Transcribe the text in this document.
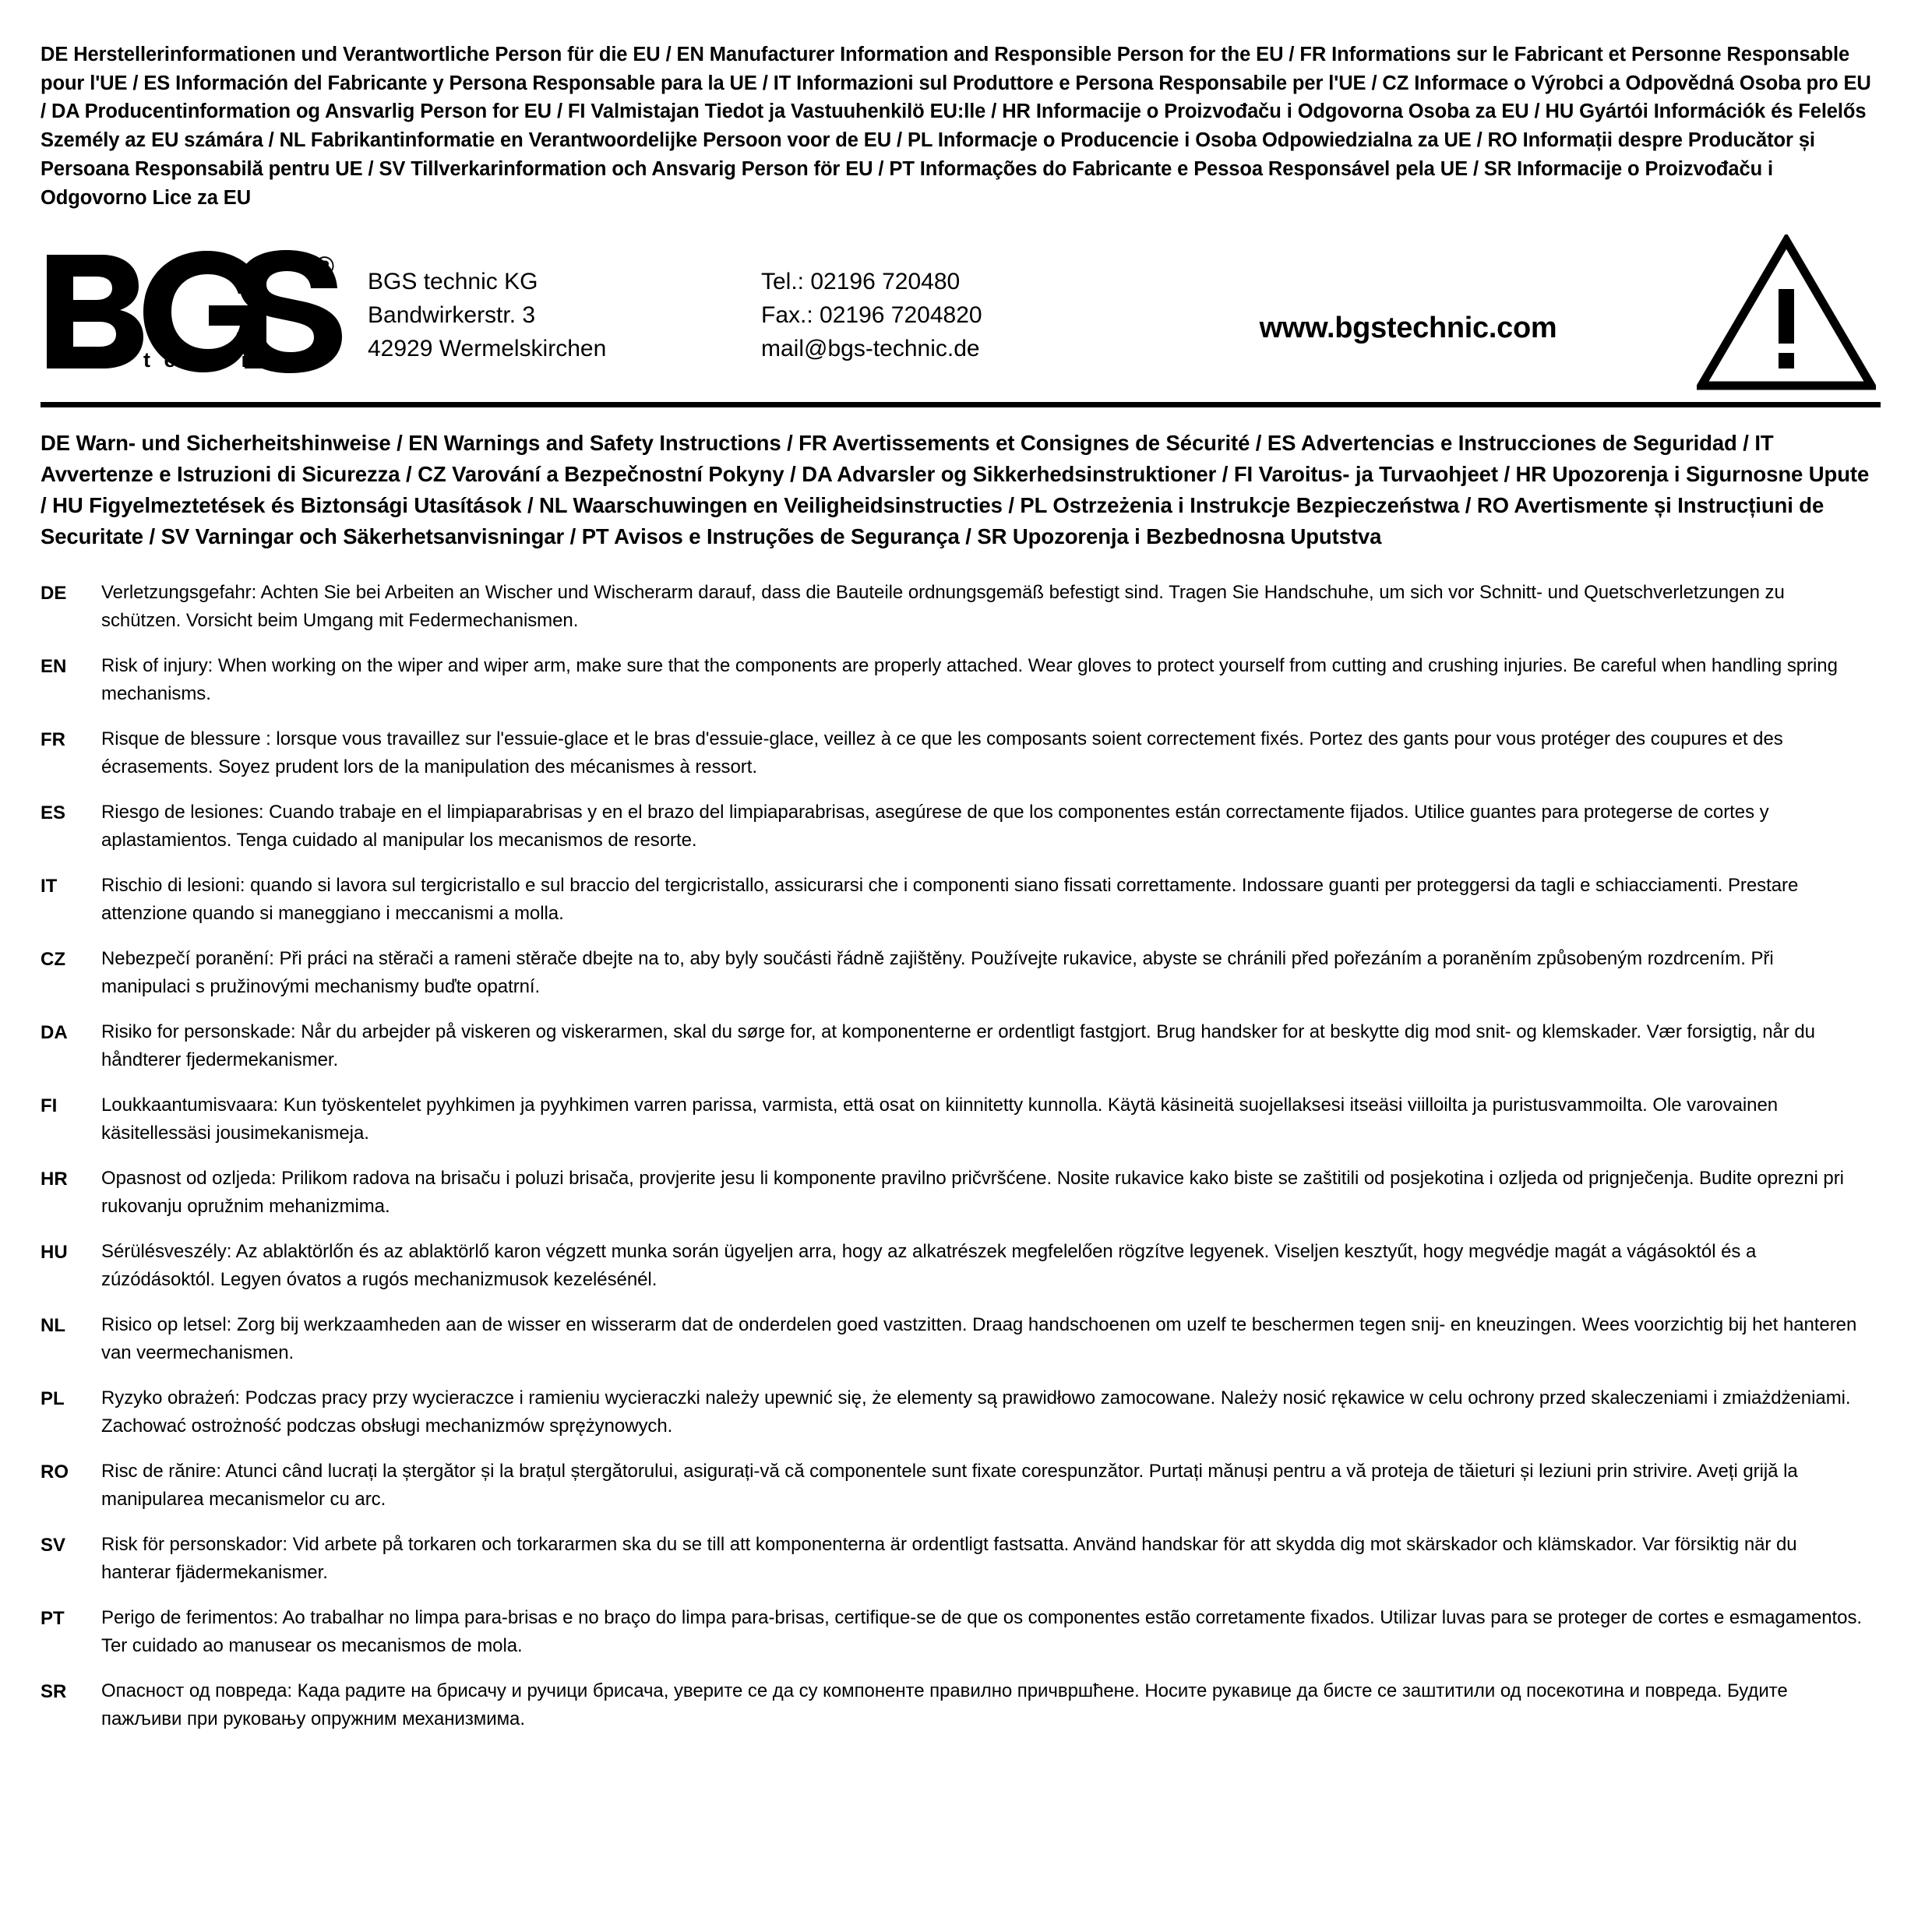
DE Herstellerinformationen und Verantwortliche Person für die EU / EN Manufacturer Information and Responsible Person for the EU / FR Informations sur le Fabricant et Personne Responsable pour l'UE / ES Información del Fabricante y Persona Responsable para la UE / IT Informazioni sul Produttore e Persona Responsabile per l'UE / CZ Informace o Výrobci a Odpovědná Osoba pro EU / DA Producentinformation og Ansvarlig Person for EU / FI Valmistajan Tiedot ja Vastuuhenkilö EU:lle / HR Informacije o Proizvođaču i Odgovorna Osoba za EU / HU Gyártói Információk és Felelős Személy az EU számára / NL Fabrikantinformatie en Verantwoordelijke Persoon voor de EU / PL Informacje o Producencie i Osoba Odpowiedzialna za UE / RO Informații despre Producător și Persoana Responsabilă pentru UE / SV Tillverkarinformation och Ansvarig Person för EU / PT Informações do Fabricante e Pessoa Responsável pela UE / SR Informacije o Proizvođaču i Odgovorno Lice za EU
®
t e c h n i c
BGS technic KG
Bandwirkerstr. 3
42929 Wermelskirchen
Tel.: 02196 720480
Fax.: 02196 7204820
mail@bgs-technic.de
www.bgstechnic.com
DE Warn- und Sicherheitshinweise / EN Warnings and Safety Instructions / FR Avertissements et Consignes de Sécurité / ES Advertencias e Instrucciones de Seguridad / IT Avvertenze e Istruzioni di Sicurezza / CZ Varování a Bezpečnostní Pokyny / DA Advarsler og Sikkerhedsinstruktioner / FI Varoitus- ja Turvaohjeet / HR Upozorenja i Sigurnosne Upute / HU Figyelmeztetések és Biztonsági Utasítások / NL Waarschuwingen en Veiligheidsinstructies / PL Ostrzeżenia i Instrukcje Bezpieczeństwa / RO Avertismente și Instrucțiuni de Securitate / SV Varningar och Säkerhetsanvisningar / PT Avisos e Instruções de Segurança / SR Upozorenja i Bezbednosna Uputstva
DE	Verletzungsgefahr: Achten Sie bei Arbeiten an Wischer und Wischerarm darauf, dass die Bauteile ordnungsgemäß befestigt sind. Tragen Sie Handschuhe, um sich vor Schnitt- und Quetschverletzungen zu schützen. Vorsicht beim Umgang mit Federmechanismen.
EN	Risk of injury: When working on the wiper and wiper arm, make sure that the components are properly attached. Wear gloves to protect yourself from cutting and crushing injuries. Be careful when handling spring mechanisms.
FR	Risque de blessure : lorsque vous travaillez sur l'essuie-glace et le bras d'essuie-glace, veillez à ce que les composants soient correctement fixés. Portez des gants pour vous protéger des coupures et des écrasements. Soyez prudent lors de la manipulation des mécanismes à ressort.
ES	Riesgo de lesiones: Cuando trabaje en el limpiaparabrisas y en el brazo del limpiaparabrisas, asegúrese de que los componentes están correctamente fijados. Utilice guantes para protegerse de cortes y aplastamientos. Tenga cuidado al manipular los mecanismos de resorte.
IT	Rischio di lesioni: quando si lavora sul tergicristallo e sul braccio del tergicristallo, assicurarsi che i componenti siano fissati correttamente. Indossare guanti per proteggersi da tagli e schiacciamenti. Prestare attenzione quando si maneggiano i meccanismi a molla.
CZ	Nebezpečí poranění: Při práci na stěrači a rameni stěrače dbejte na to, aby byly součásti řádně zajištěny. Používejte rukavice, abyste se chránili před pořezáním a poraněním způsobeným rozdrcením. Při manipulaci s pružinovými mechanismy buďte opatrní.
DA	Risiko for personskade: Når du arbejder på viskeren og viskerarmen, skal du sørge for, at komponenterne er ordentligt fastgjort. Brug handsker for at beskytte dig mod snit- og klemskader. Vær forsigtig, når du håndterer fjedermekanismer.
FI	Loukkaantumisvaara: Kun työskentelet pyyhkimen ja pyyhkimen varren parissa, varmista, että osat on kiinnitetty kunnolla. Käytä käsineitä suojellaksesi itseäsi viilloilta ja puristusvammoilta. Ole varovainen käsitellessäsi jousimekanismeja.
HR	Opasnost od ozljeda: Prilikom radova na brisaču i poluzi brisača, provjerite jesu li komponente pravilno pričvršćene. Nosite rukavice kako biste se zaštitili od posjekotina i ozljeda od prignječenja. Budite oprezni pri rukovanju opružnim mehanizmima.
HU	Sérülésveszély: Az ablaktörlőn és az ablaktörlő karon végzett munka során ügyeljen arra, hogy az alkatrészek megfelelően rögzítve legyenek. Viseljen kesztyűt, hogy megvédje magát a vágásoktól és a zúzódásoktól. Legyen óvatos a rugós mechanizmusok kezelésénél.
NL	Risico op letsel: Zorg bij werkzaamheden aan de wisser en wisserarm dat de onderdelen goed vastzitten. Draag handschoenen om uzelf te beschermen tegen snij- en kneuzingen. Wees voorzichtig bij het hanteren van veermechanismen.
PL	Ryzyko obrażeń: Podczas pracy przy wycieraczce i ramieniu wycieraczki należy upewnić się, że elementy są prawidłowo zamocowane. Należy nosić rękawice w celu ochrony przed skaleczeniami i zmiażdżeniami. Zachować ostrożność podczas obsługi mechanizmów sprężynowych.
RO	Risc de rănire: Atunci când lucrați la ștergător și la brațul ștergătorului, asigurați-vă că componentele sunt fixate corespunzător. Purtați mănuși pentru a vă proteja de tăieturi și leziuni prin strivire. Aveți grijă la manipularea mecanismelor cu arc.
SV	Risk för personskador: Vid arbete på torkaren och torkararmen ska du se till att komponenterna är ordentligt fastsatta. Använd handskar för att skydda dig mot skärskador och klämskador. Var försiktig när du hanterar fjädermekanismer.
PT	Perigo de ferimentos: Ao trabalhar no limpa para-brisas e no braço do limpa para-brisas, certifique-se de que os componentes estão corretamente fixados. Utilizar luvas para se proteger de cortes e esmagamentos. Ter cuidado ao manusear os mecanismos de mola.
SR	Опасност од повреда: Када радите на брисачу и ручици брисача, уверите се да су компоненте правилно причвршћене. Носите рукавице да бисте се заштитили од посекотина и повреда. Будите пажљиви при руковању опружним механизмима.
